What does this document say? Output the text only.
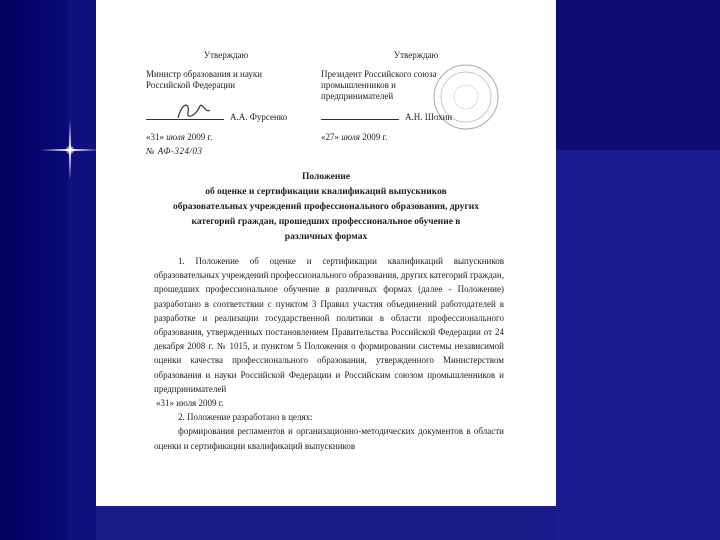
Утверждаю
Министр образования и науки
Российской Федерации
А.А. Фурсенко
«31» июля 2009 г.
№ АФ-324/03
Утверждаю
Президент Российского союза
промышленников и
предпринимателей
А.Н. Шохин
«27» июля 2009 г.
Положение
об оценке и сертификации квалификаций выпускников
образовательных учреждений профессионального образования, других
категорий граждан, прошедших профессиональное обучение в
различных формах
1. Положение об оценке и сертификации квалификаций выпускников образовательных учреждений профессионального образования, других категорий граждан, прошедших профессиональное обучение в различных формах (далее - Положение) разработано в соответствии с пунктом 3 Правил участия объединений работодателей в разработке и реализации государственной политики в области профессионального образования, утвержденных постановлением Правительства Российской Федерации от 24 декабря 2008 г. № 1015, и пунктом 5 Положения о формировании системы независимой оценки качества профессионального образования, утвержденного Министерством образования и науки Российской Федерации и Российским союзом промышленников и предпринимателей
«31» июля 2009 г.
2. Положение разработано в целях:
формирования регламентов и организационно-методических документов в области оценки и сертификации квалификаций выпускников
